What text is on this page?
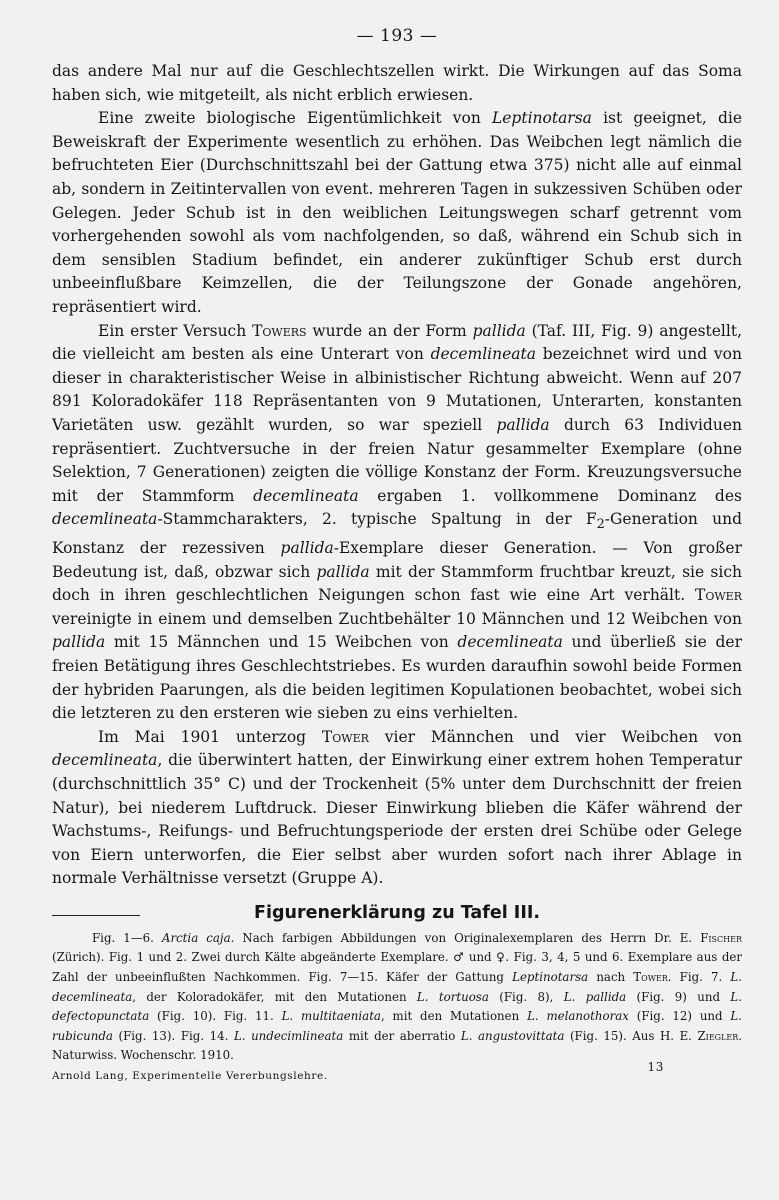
— 193 —

das andere Mal nur auf die Geschlechtszellen wirkt. Die Wirkungen auf das Soma haben sich, wie mitgeteilt, als nicht erblich erwiesen.

Eine zweite biologische Eigentümlichkeit von Leptinotarsa ist geeignet, die Beweiskraft der Experimente wesentlich zu erhöhen. Das Weibchen legt nämlich die befruchteten Eier (Durchschnittszahl bei der Gattung etwa 375) nicht alle auf einmal ab, sondern in Zeitintervallen von event. mehreren Tagen in sukzessiven Schüben oder Gelegen. Jeder Schub ist in den weiblichen Leitungswegen scharf getrennt vom vorhergehenden sowohl als vom nachfolgenden, so daß, während ein Schub sich in dem sensiblen Stadium befindet, ein anderer zukünftiger Schub erst durch unbeeinflußbare Keimzellen, die der Teilungszone der Gonade angehören, repräsentiert wird.

Ein erster Versuch Towers wurde an der Form pallida (Taf. III, Fig. 9) angestellt, die vielleicht am besten als eine Unterart von decemlineata bezeichnet wird und von dieser in charakteristischer Weise in albinistischer Richtung abweicht. Wenn auf 207 891 Koloradokäfer 118 Repräsentanten von 9 Mutationen, Unterarten, konstanten Varietäten usw. gezählt wurden, so war speziell pallida durch 63 Individuen repräsentiert. Zuchtversuche in der freien Natur gesammelter Exemplare (ohne Selektion, 7 Generationen) zeigten die völlige Konstanz der Form. Kreuzungsversuche mit der Stammform decemlineata ergaben 1. vollkommene Dominanz des decemlineata-Stammcharakters, 2. typische Spaltung in der $F_2$-Generation und Konstanz der rezessiven pallida-Exemplare dieser Generation. — Von großer Bedeutung ist, daß, obzwar sich pallida mit der Stammform fruchtbar kreuzt, sie sich doch in ihren geschlechtlichen Neigungen schon fast wie eine Art verhält. Tower vereinigte in einem und demselben Zuchtbehälter 10 Männchen und 12 Weibchen von pallida mit 15 Männchen und 15 Weibchen von decemlineata und überließ sie der freien Betätigung ihres Geschlechtstriebes. Es wurden daraufhin sowohl beide Formen der hybriden Paarungen, als die beiden legitimen Kopulationen beobachtet, wobei sich die letzteren zu den ersteren wie sieben zu eins verhielten.

Im Mai 1901 unterzog Tower vier Männchen und vier Weibchen von decemlineata, die überwintert hatten, der Einwirkung einer extrem hohen Temperatur (durchschnittlich 35° C) und der Trockenheit (5% unter dem Durchschnitt der freien Natur), bei niederem Luftdruck. Dieser Einwirkung blieben die Käfer während der Wachstums-, Reifungs- und Befruchtungsperiode der ersten drei Schübe oder Gelege von Eiern unterworfen, die Eier selbst aber wurden sofort nach ihrer Ablage in normale Verhältnisse versetzt (Gruppe A).

Figurenerklärung zu Tafel III.

Fig. 1—6. Arctia caja. Nach farbigen Abbildungen von Originalexemplaren des Herrn Dr. E. Fischer (Zürich). Fig. 1 und 2. Zwei durch Kälte abgeänderte Exemplare. ♂ und ♀. Fig. 3, 4, 5 und 6. Exemplare aus der Zahl der unbeeinflußten Nachkommen. Fig. 7—15. Käfer der Gattung Leptinotarsa nach Tower. Fig. 7. L. decemlineata, der Koloradokäfer, mit den Mutationen L. tortuosa (Fig. 8), L. pallida (Fig. 9) und L. defectopunctata (Fig. 10). Fig. 11. L. multitaeniata, mit den Mutationen L. melanothorax (Fig. 12) und L. rubicunda (Fig. 13). Fig. 14. L. undecimlineata mit der aberratio L. angustovittata (Fig. 15). Aus H. E. Ziegler. Naturwiss. Wochenschr. 1910.

Arnold Lang, Experimentelle Vererbungslehre.
13
